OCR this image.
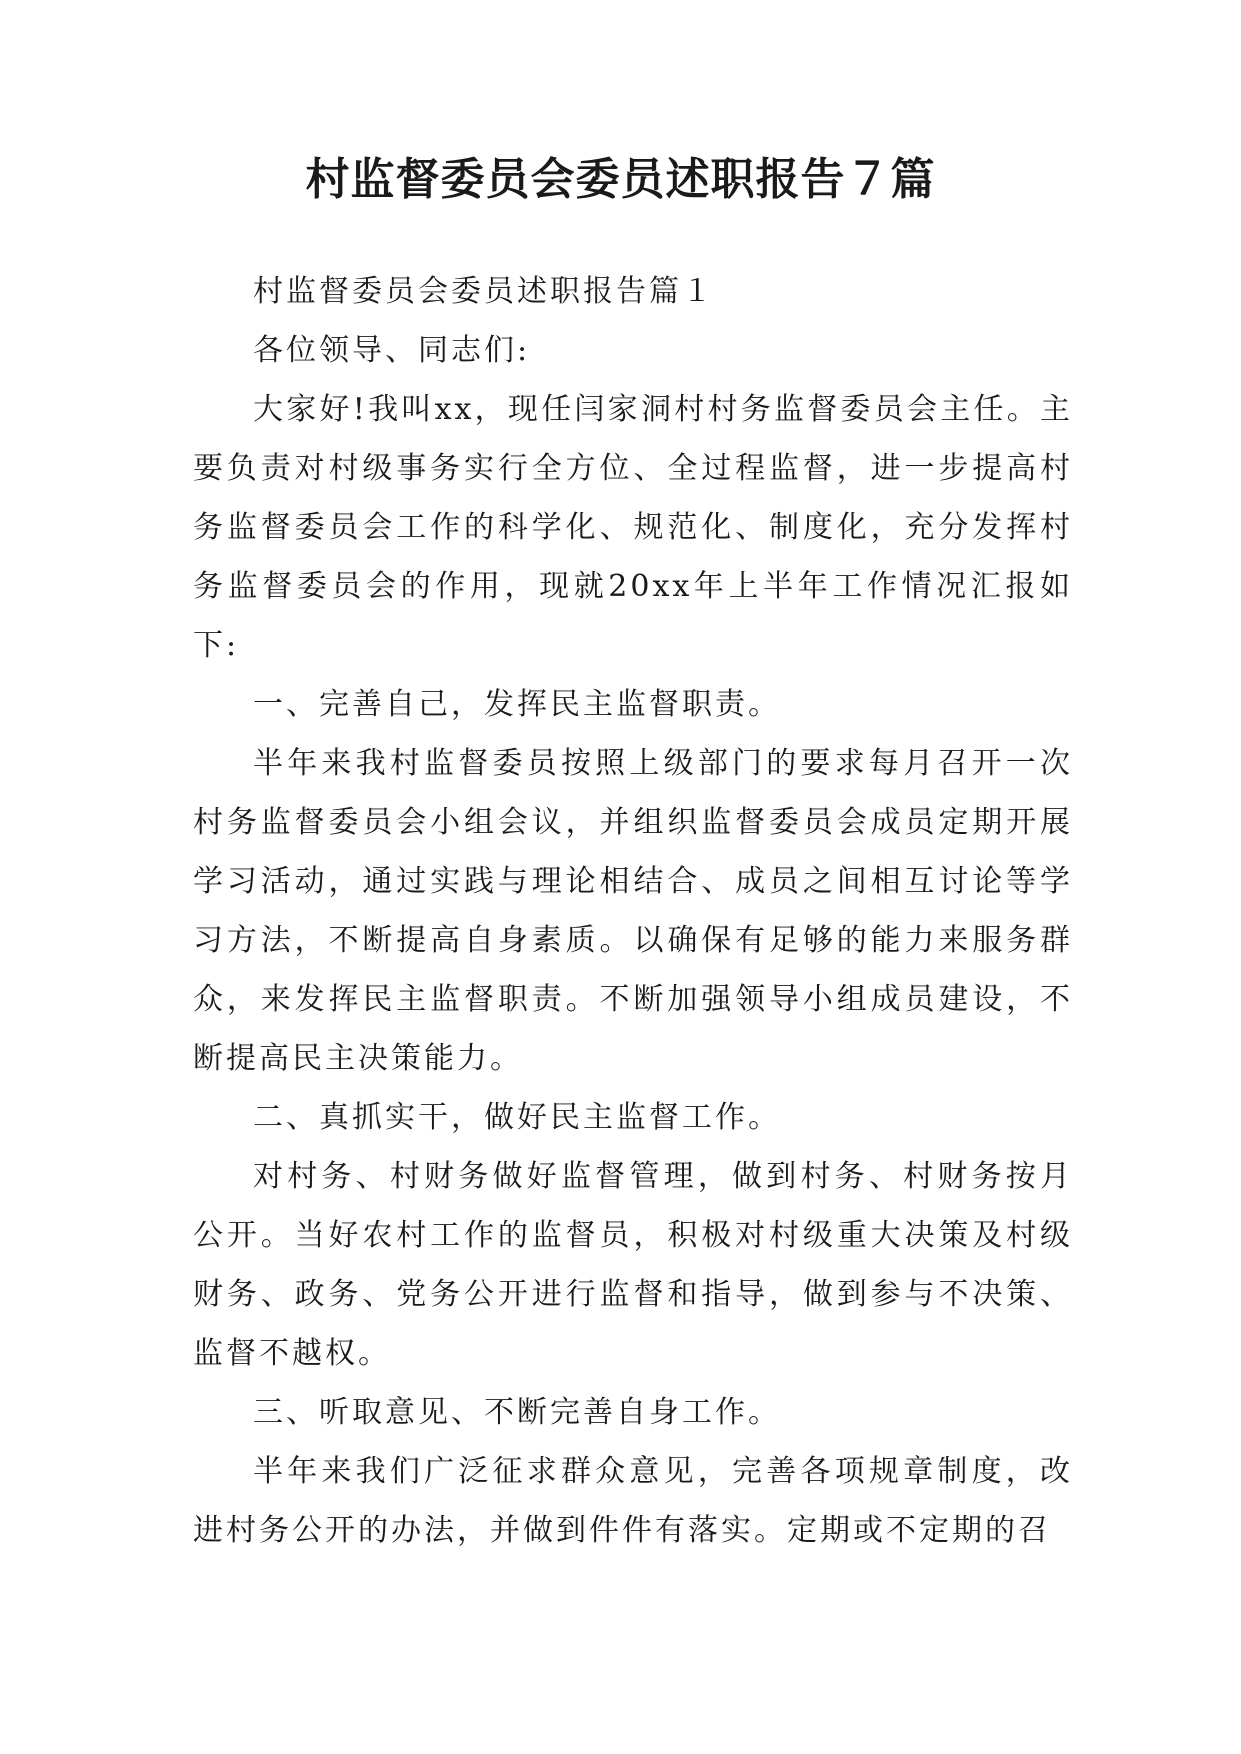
村监督委员会委员述职报告７篇

村监督委员会委员述职报告篇１

各位领导、同志们:

大家好!我叫xx，现任闫家洞村村务监督委员会主任。主要负责对村级事务实行全方位、全过程监督，进一步提高村务监督委员会工作的科学化、规范化、制度化，充分发挥村务监督委员会的作用，现就20xx年上半年工作情况汇报如下:

一、完善自己，发挥民主监督职责。

半年来我村监督委员按照上级部门的要求每月召开一次村务监督委员会小组会议，并组织监督委员会成员定期开展学习活动，通过实践与理论相结合、成员之间相互讨论等学习方法，不断提高自身素质。以确保有足够的能力来服务群众，来发挥民主监督职责。不断加强领导小组成员建设，不断提高民主决策能力。

二、真抓实干，做好民主监督工作。

对村务、村财务做好监督管理，做到村务、村财务按月公开。当好农村工作的监督员，积极对村级重大决策及村级财务、政务、党务公开进行监督和指导，做到参与不决策、监督不越权。

三、听取意见、不断完善自身工作。

半年来我们广泛征求群众意见，完善各项规章制度，改进村务公开的办法，并做到件件有落实。定期或不定期的召
